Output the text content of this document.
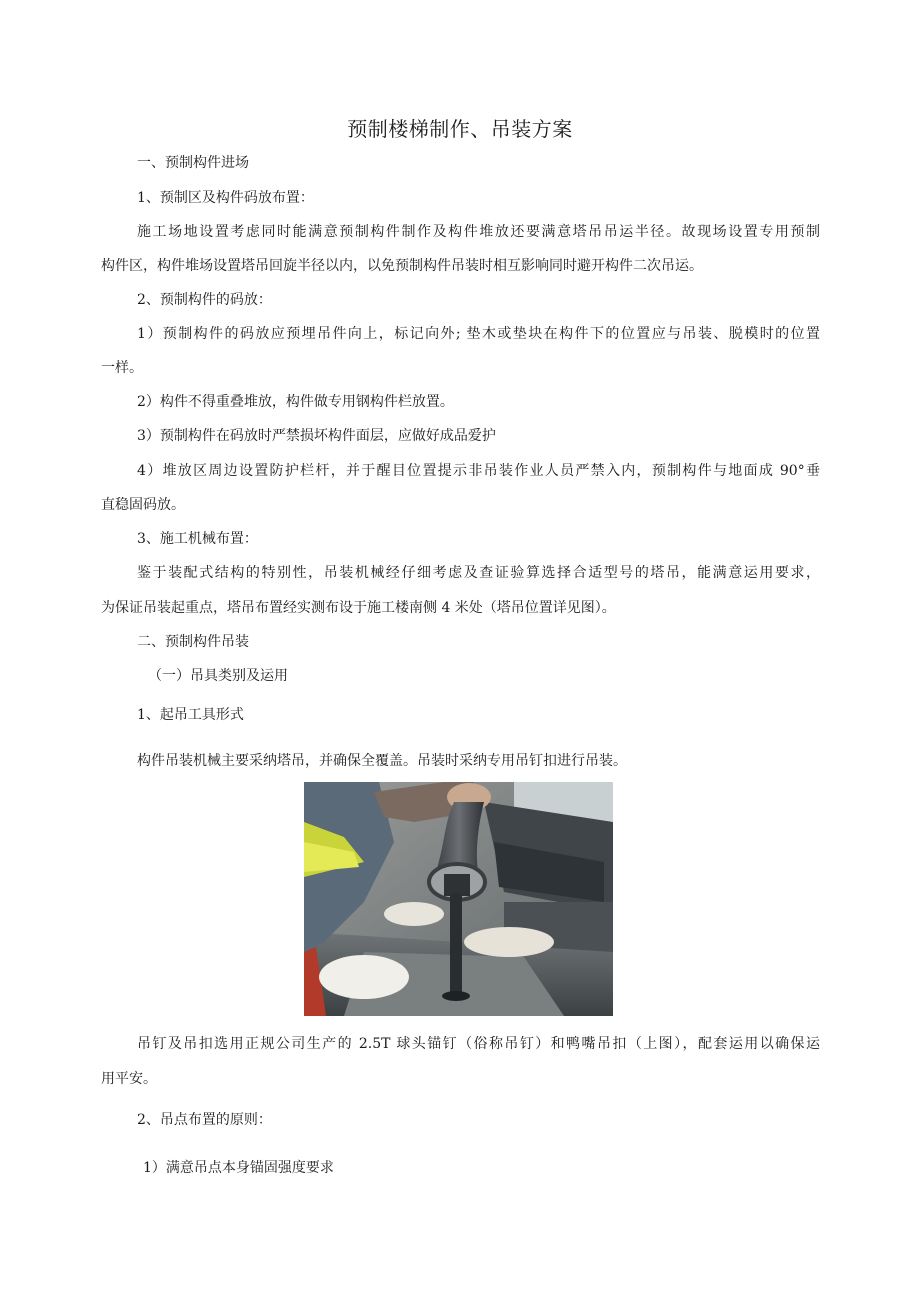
预制楼梯制作、吊装方案

一、预制构件进场

1、预制区及构件码放布置：

施工场地设置考虑同时能满意预制构件制作及构件堆放还要满意塔吊吊运半径。故现场设置专用预制

构件区，构件堆场设置塔吊回旋半径以内，以免预制构件吊装时相互影响同时避开构件二次吊运。

2、预制构件的码放：

1）预制构件的码放应预埋吊件向上，标记向外; 垫木或垫块在构件下的位置应与吊装、脱模时的位置

一样。

2）构件不得重叠堆放，构件做专用钢构件栏放置。

3）预制构件在码放时严禁损坏构件面层，应做好成品爱护

4）堆放区周边设置防护栏杆，并于醒目位置提示非吊装作业人员严禁入内，预制构件与地面成 90°垂

直稳固码放。

3、施工机械布置：

鉴于装配式结构的特别性，吊装机械经仔细考虑及查证验算选择合适型号的塔吊，能满意运用要求，

为保证吊装起重点，塔吊布置经实测布设于施工楼南侧 4 米处（塔吊位置详见图）。

二、预制构件吊装

（一）吊具类别及运用

1、起吊工具形式

构件吊装机械主要采纳塔吊，并确保全覆盖。吊装时采纳专用吊钉扣进行吊装。

吊钉及吊扣选用正规公司生产的 2.5T 球头锚钉（俗称吊钉）和鸭嘴吊扣（上图），配套运用以确保运

用平安。

2、吊点布置的原则：

1）满意吊点本身锚固强度要求
